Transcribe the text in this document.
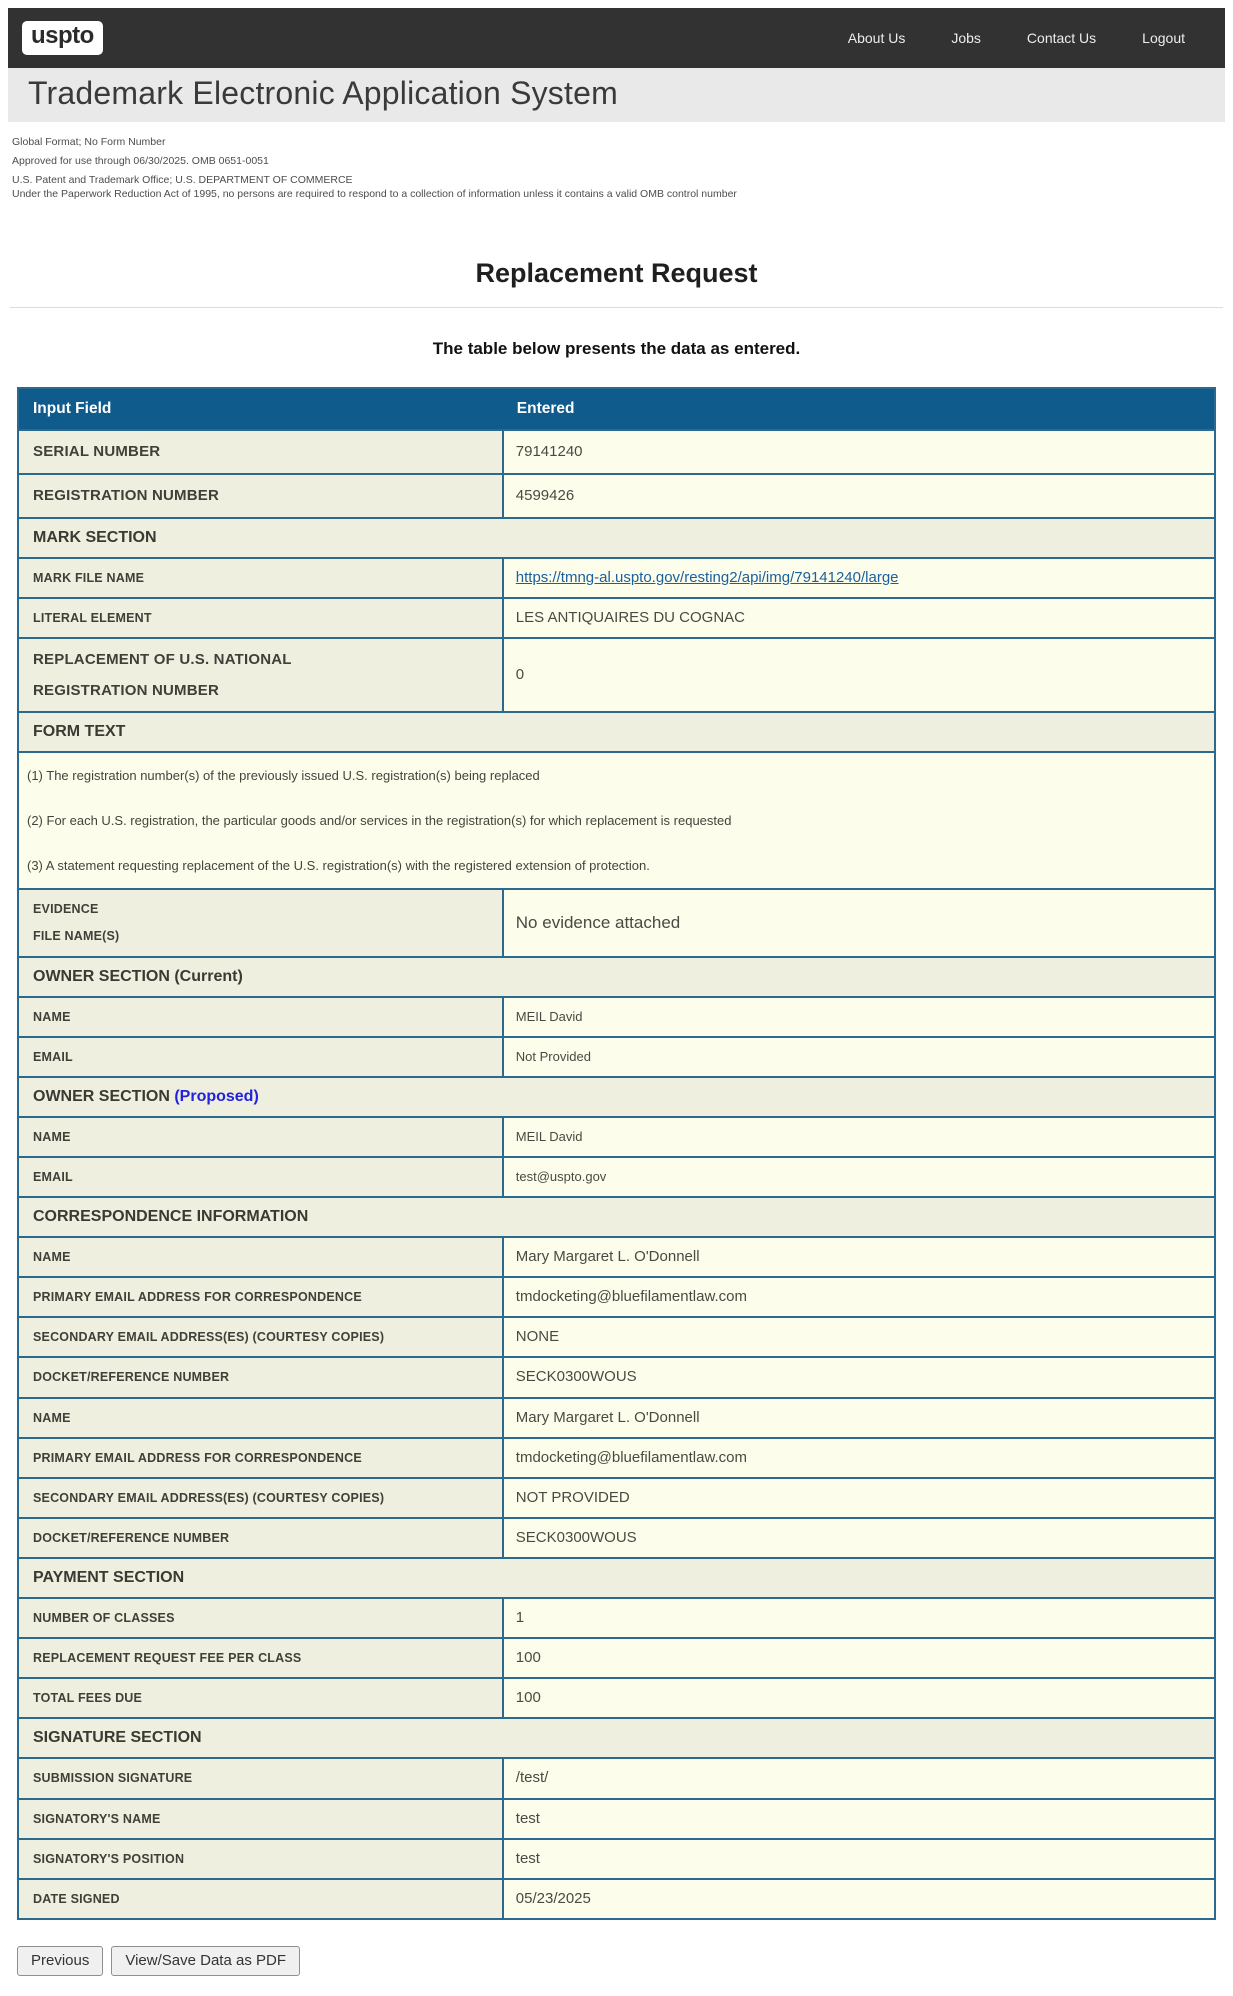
uspto	About Us	Jobs	Contact Us	Logout
Trademark Electronic Application System
Global Format; No Form Number
Approved for use through 06/30/2025. OMB 0651-0051
U.S. Patent and Trademark Office; U.S. DEPARTMENT OF COMMERCE
Under the Paperwork Reduction Act of 1995, no persons are required to respond to a collection of information unless it contains a valid OMB control number
Replacement Request

The table below presents the data as entered.

Input Field	Entered

SERIAL NUMBER	79141240

REGISTRATION NUMBER	4599426
MARK SECTION	

MARK FILE NAME	https://tmng-al.uspto.gov/resting2/api/img/79141240/large

LITERAL ELEMENT	LES ANTIQUAIRES DU COGNAC

REPLACEMENT OF U.S. NATIONAL
REGISTRATION NUMBER	0
FORM TEXT	

(1) The registration number(s) of the previously issued U.S. registration(s) being replaced

(2) For each U.S. registration, the particular goods and/or services in the registration(s) for which replacement is requested

(3) A statement requesting replacement of the U.S. registration(s) with the registered extension of protection.	

EVIDENCE
FILE NAME(S)	No evidence attached
OWNER SECTION (Current)	

NAME	MEIL David

EMAIL	Not Provided
OWNER SECTION (Proposed)	

NAME	MEIL David

EMAIL	test@uspto.gov
CORRESPONDENCE INFORMATION	

NAME	Mary Margaret L. O'Donnell

PRIMARY EMAIL ADDRESS FOR CORRESPONDENCE	tmdocketing@bluefilamentlaw.com

SECONDARY EMAIL ADDRESS(ES) (COURTESY COPIES)	NONE

DOCKET/REFERENCE NUMBER	SECK0300WOUS

NAME	Mary Margaret L. O'Donnell

PRIMARY EMAIL ADDRESS FOR CORRESPONDENCE	tmdocketing@bluefilamentlaw.com

SECONDARY EMAIL ADDRESS(ES) (COURTESY COPIES)	NOT PROVIDED

DOCKET/REFERENCE NUMBER	SECK0300WOUS
PAYMENT SECTION	

NUMBER OF CLASSES	1

REPLACEMENT REQUEST FEE PER CLASS	100

TOTAL FEES DUE	100
SIGNATURE SECTION	

SUBMISSION SIGNATURE	/test/

SIGNATORY'S NAME	test

SIGNATORY'S POSITION	test

DATE SIGNED	05/23/2025
Previous	View/Save Data as PDF
